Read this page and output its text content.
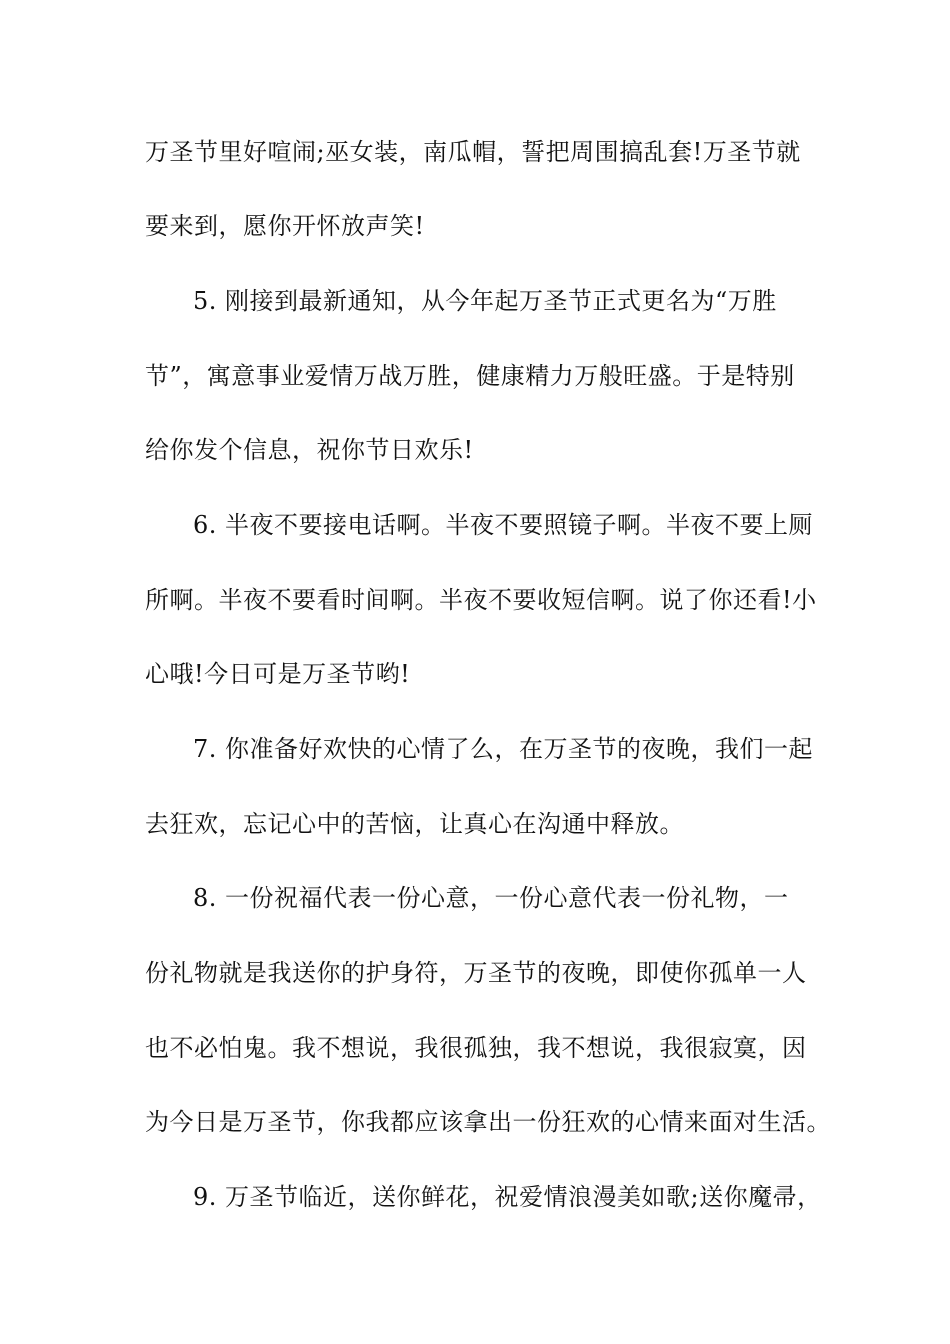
万圣节里好喧闹;巫女装，南瓜帽，誓把周围搞乱套!万圣节就
要来到，愿你开怀放声笑!
5. 刚接到最新通知，从今年起万圣节正式更名为“万胜
节”，寓意事业爱情万战万胜，健康精力万般旺盛。于是特别
给你发个信息，祝你节日欢乐!
6. 半夜不要接电话啊。半夜不要照镜子啊。半夜不要上厕
所啊。半夜不要看时间啊。半夜不要收短信啊。说了你还看!小
心哦!今日可是万圣节哟!
7. 你准备好欢快的心情了么，在万圣节的夜晚，我们一起
去狂欢，忘记心中的苦恼，让真心在沟通中释放。
8. 一份祝福代表一份心意，一份心意代表一份礼物，一
份礼物就是我送你的护身符，万圣节的夜晚，即使你孤单一人
也不必怕鬼。我不想说，我很孤独，我不想说，我很寂寞，因
为今日是万圣节，你我都应该拿出一份狂欢的心情来面对生活。
9. 万圣节临近，送你鲜花，祝爱情浪漫美如歌;送你魔帚，
